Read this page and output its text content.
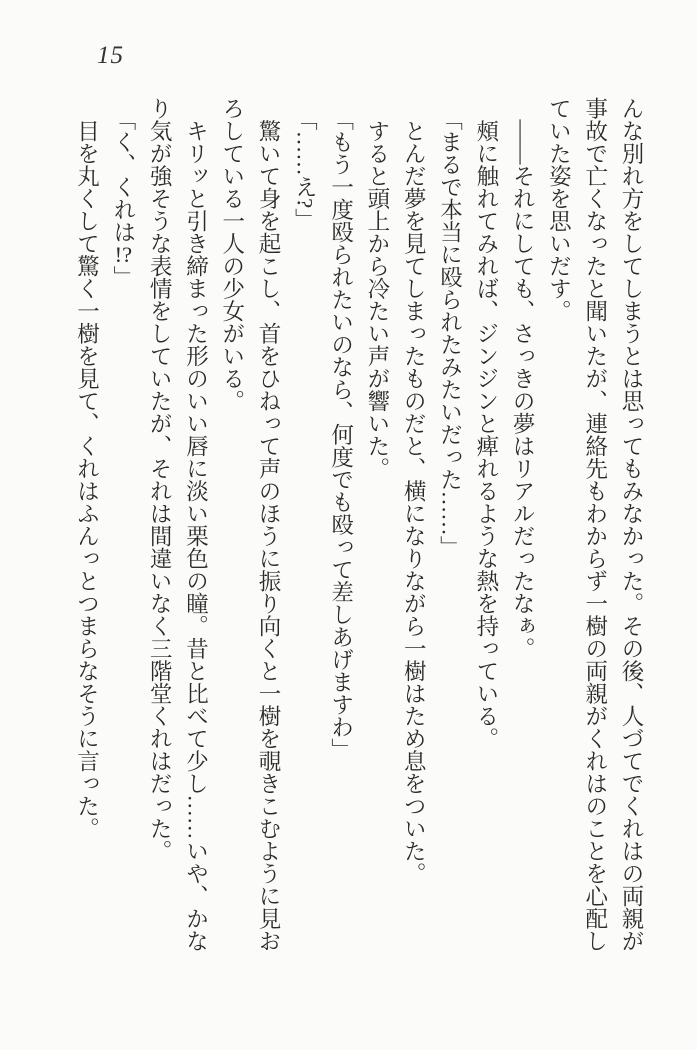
15

んな別れ方をしてしまうとは思ってもみなかった。その後、人づてでくれはの両親が

事故で亡くなったと聞いたが、連絡先もわからず一樹の両親がくれはのことを心配し

ていた姿を思いだす。

　――それにしても、さっきの夢はリアルだったなぁ。

　頰に触れてみれば、ジンジンと痺れるような熱を持っている。

　「まるで本当に殴られたみたいだった……」

　とんだ夢を見てしまったものだと、横になりながら一樹はため息をついた。

　すると頭上から冷たい声が響いた。

　「もう一度殴られたいのなら、何度でも殴って差しあげますわ」

　「……え?」

　驚いて身を起こし、首をひねって声のほうに振り向くと一樹を覗きこむように見お

ろしている一人の少女がいる。

　キリッと引き締まった形のいい唇に淡い栗色の瞳。昔と比べて少し……いや、かな

り気が強そうな表情をしていたが、それは間違いなく三階堂くれはだった。

　「く、くれは!?」

　目を丸くして驚く一樹を見て、くれはふんっとつまらなそうに言った。
